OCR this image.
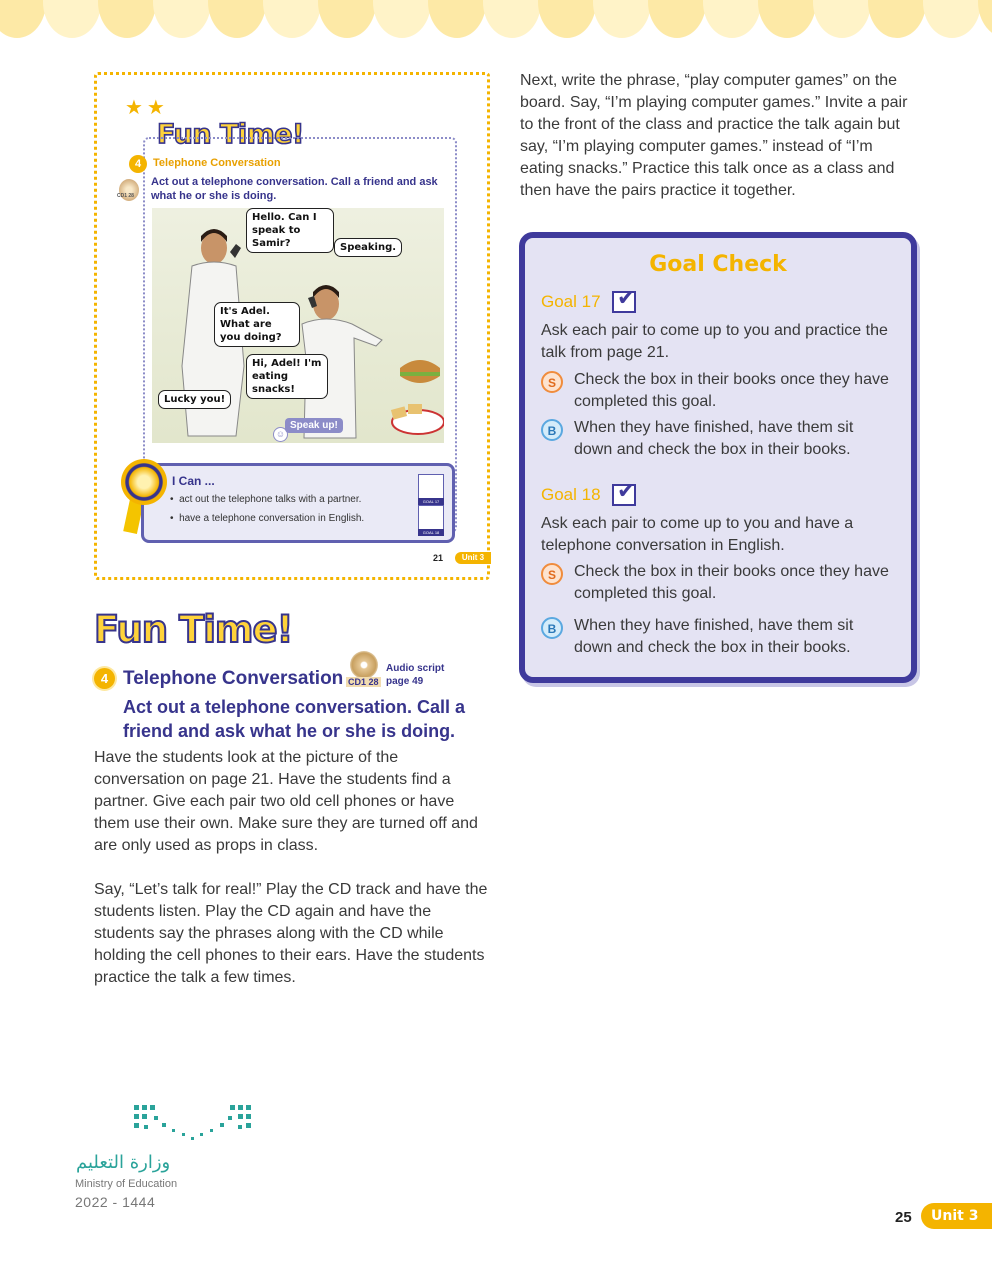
★★
Fun Time!
4	Telephone Conversation
CD1 28
Act out a telephone conversation. Call a friend and ask what he or she is doing.
Hello. Can I speak to Samir?	Speaking.
It's Adel. What are you doing?
Hi, Adel! I'm eating snacks!
Lucky you!
☺
Speak up!
I Can ...
•  act out the telephone talks with a partner.
•  have a telephone conversation in English.
GOAL 17
GOAL 18
21	Unit 3
Fun Time!
4 Telephone Conversation CD1 28
Audio script page 49
Act out a telephone conversation. Call a friend and ask what he or she is doing.
Have the students look at the picture of the conversation on page 21. Have the students find a partner. Give each pair two old cell phones or have them use their own. Make sure they are turned off and are only used as props in class.
Say, “Let’s talk for real!” Play the CD track and have the students listen. Play the CD again and have the students say the phrases along with the CD while holding the cell phones to their ears. Have the students practice the talk a few times.
Next, write the phrase, “play computer games” on the board. Say, “I’m playing computer games.” Invite a pair to the front of the class and practice the talk again but say, “I’m playing computer games.” instead of “I’m eating snacks.” Practice this talk once as a class and then have the pairs practice it together.
Goal Check
Goal 17 ✔
Ask each pair to come up to you and practice the talk from page 21.
S	Check the box in their books once they have completed this goal.
B	When they have finished, have them sit down and check the box in their books.
Goal 18 ✔
Ask each pair to come up to you and have a telephone conversation in English.
S	Check the box in their books once they have completed this goal.
B	When they have finished, have them sit down and check the box in their books.
وزارة التعليم
Ministry of Education
2022 - 1444
25	Unit 3
